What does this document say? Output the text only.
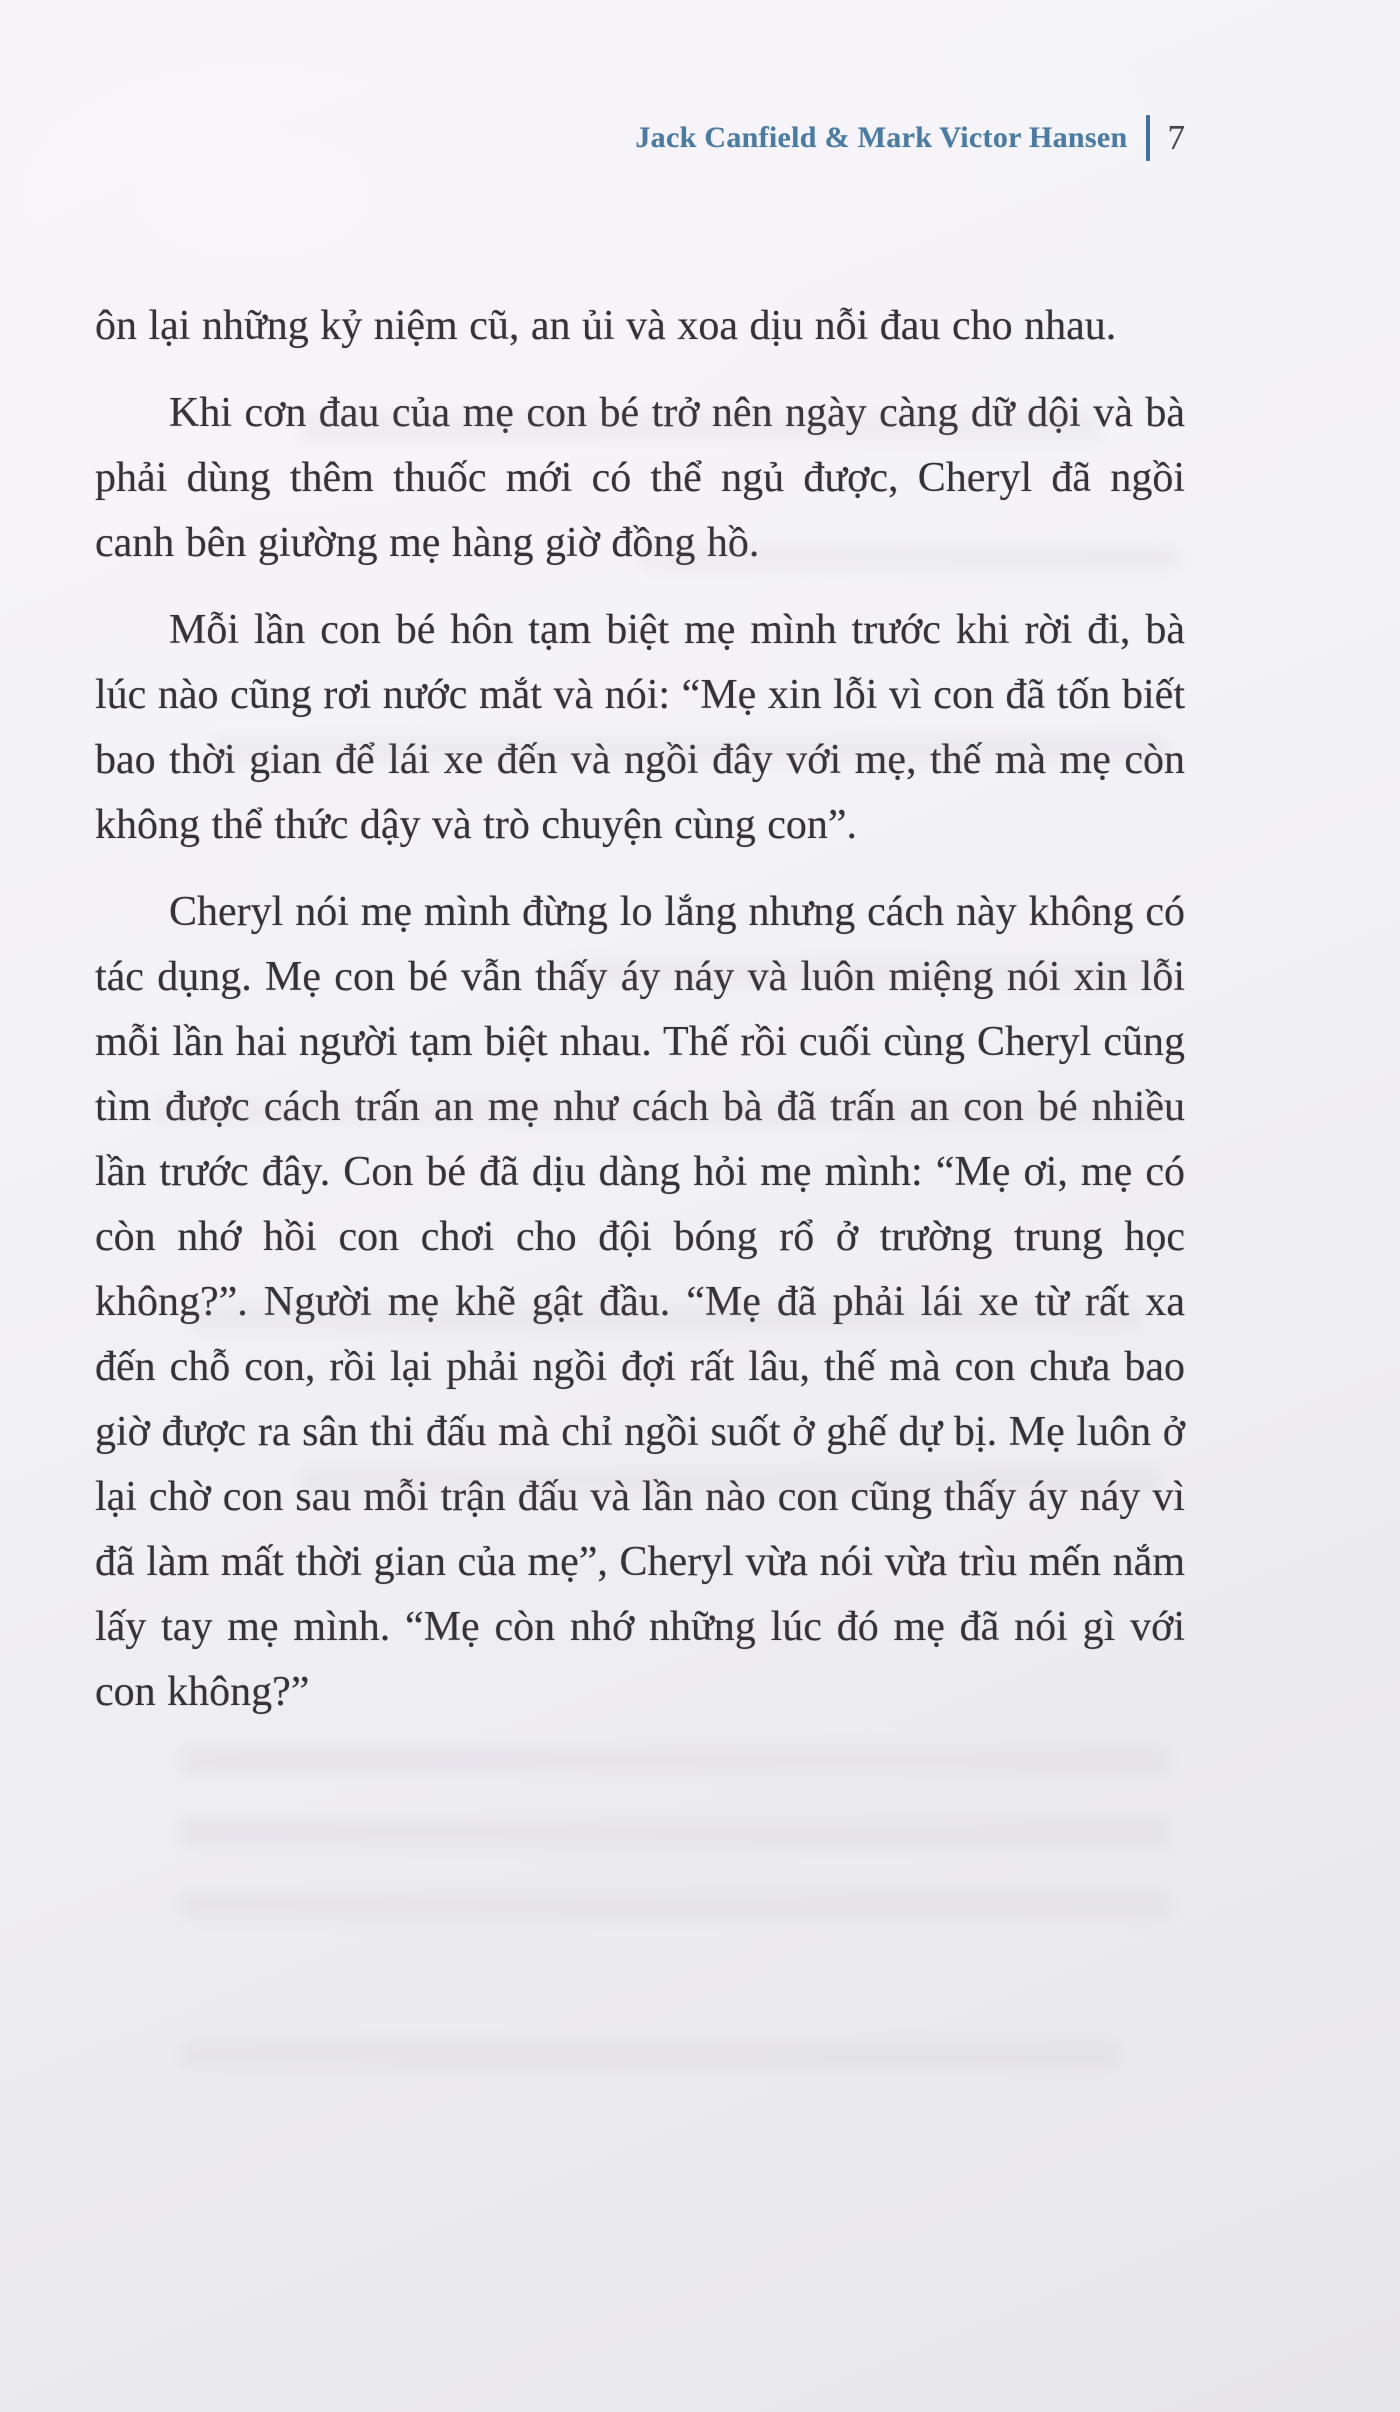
Jack Canfield & Mark Victor Hansen 7

ôn lại những kỷ niệm cũ, an ủi và xoa dịu nỗi đau cho nhau.

Khi cơn đau của mẹ con bé trở nên ngày càng dữ dội và bà phải dùng thêm thuốc mới có thể ngủ được, Cheryl đã ngồi canh bên giường mẹ hàng giờ đồng hồ.

Mỗi lần con bé hôn tạm biệt mẹ mình trước khi rời đi, bà lúc nào cũng rơi nước mắt và nói: “Mẹ xin lỗi vì con đã tốn biết bao thời gian để lái xe đến và ngồi đây với mẹ, thế mà mẹ còn không thể thức dậy và trò chuyện cùng con”.

Cheryl nói mẹ mình đừng lo lắng nhưng cách này không có tác dụng. Mẹ con bé vẫn thấy áy náy và luôn miệng nói xin lỗi mỗi lần hai người tạm biệt nhau. Thế rồi cuối cùng Cheryl cũng tìm được cách trấn an mẹ như cách bà đã trấn an con bé nhiều lần trước đây. Con bé đã dịu dàng hỏi mẹ mình: “Mẹ ơi, mẹ có còn nhớ hồi con chơi cho đội bóng rổ ở trường trung học không?”. Người mẹ khẽ gật đầu. “Mẹ đã phải lái xe từ rất xa đến chỗ con, rồi lại phải ngồi đợi rất lâu, thế mà con chưa bao giờ được ra sân thi đấu mà chỉ ngồi suốt ở ghế dự bị. Mẹ luôn ở lại chờ con sau mỗi trận đấu và lần nào con cũng thấy áy náy vì đã làm mất thời gian của mẹ”, Cheryl vừa nói vừa trìu mến nắm lấy tay mẹ mình. “Mẹ còn nhớ những lúc đó mẹ đã nói gì với con không?”
